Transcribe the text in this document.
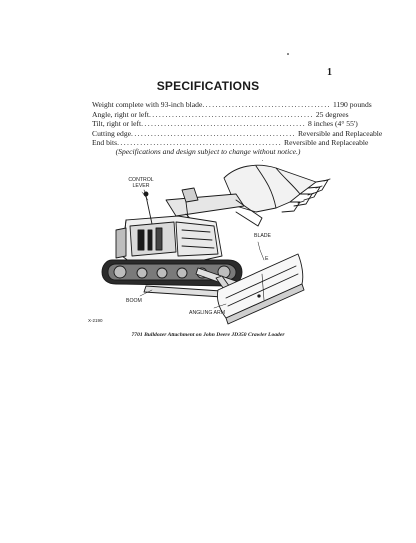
1
SPECIFICATIONS
Weight complete with 93-inch blade ....................................... 1190 pounds
Angle, right or left .................................................. 25 degrees
Tilt, right or left .................................................. 8 inches (4° 55')
Cutting edge .................................................. Reversible and Replaceable
End bits .................................................. Reversible and Replaceable
(Specifications and design subject to change without notice.)
CONTROL LEVER
BLADE
E
BOOM
ANGLING ARM
X-2190
7701 Bulldozer Attachment on John Deere JD350 Crawler Loader
